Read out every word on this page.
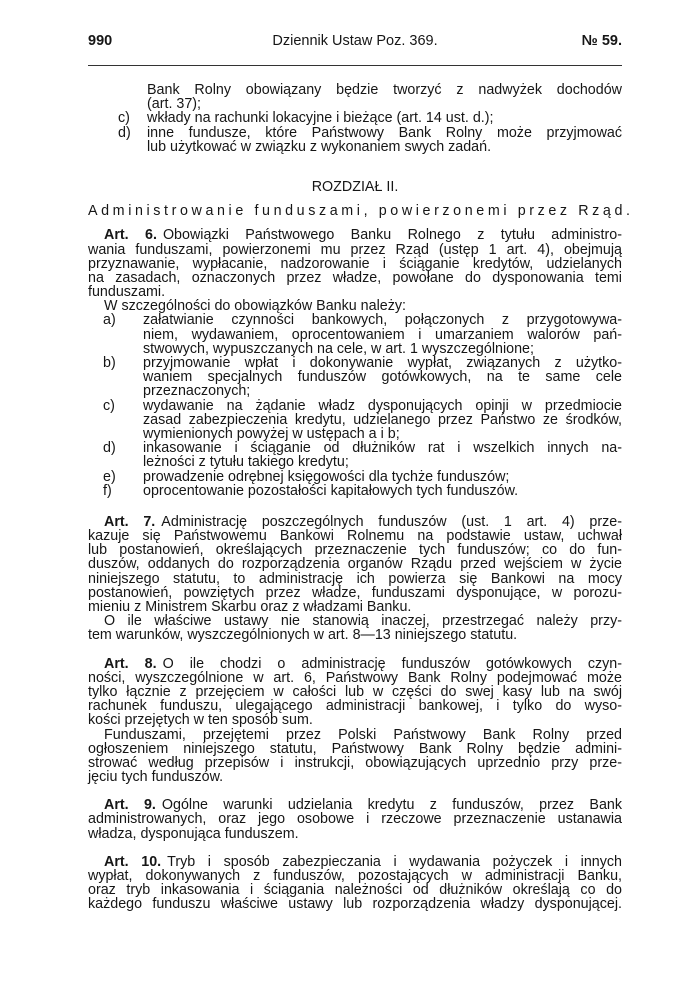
990	Dziennik Ustaw Poz. 369.	№ 59.
Bank Rolny obowiązany będzie tworzyć z nadwyżek dochodów
(art. 37);
c) wkłady na rachunki lokacyjne i bieżące (art. 14 ust. d.);
d) inne fundusze, które Państwowy Bank Rolny może przyjmować
lub użytkować w związku z wykonaniem swych zadań.
ROZDZIAŁ II.
Administrowanie funduszami, powierzonemi przez Rząd.
Art. 6. Obowiązki Państwowego Banku Rolnego z tytułu administro-
wania funduszami, powierzonemi mu przez Rząd (ustęp 1 art. 4), obejmują
przyznawanie, wypłacanie, nadzorowanie i ściąganie kredytów, udzielanych
na zasadach, oznaczonych przez władze, powołane do dysponowania temi
funduszami.
W szczególności do obowiązków Banku należy:
a) załatwianie czynności bankowych, połączonych z przygotowywa-
niem, wydawaniem, oprocentowaniem i umarzaniem walorów pań-
stwowych, wypuszczanych na cele, w art. 1 wyszczególnione;
b) przyjmowanie wpłat i dokonywanie wypłat, związanych z użytko-
waniem specjalnych funduszów gotówkowych, na te same cele
przeznaczonych;
c) wydawanie na żądanie władz dysponujących opinji w przedmiocie
zasad zabezpieczenia kredytu, udzielanego przez Państwo ze środków,
wymienionych powyżej w ustępach a i b;
d) inkasowanie i ściąganie od dłużników rat i wszelkich innych na-
leżności z tytułu takiego kredytu;
e) prowadzenie odrębnej księgowości dla tychże funduszów;
f) oprocentowanie pozostałości kapitałowych tych funduszów.
Art. 7. Administrację poszczególnych funduszów (ust. 1 art. 4) prze-
kazuje się Państwowemu Bankowi Rolnemu na podstawie ustaw, uchwał
lub postanowień, określających przeznaczenie tych funduszów; co do fun-
duszów, oddanych do rozporządzenia organów Rządu przed wejściem w życie
niniejszego statutu, to administrację ich powierza się Bankowi na mocy
postanowień, powziętych przez władze, funduszami dysponujące, w porozu-
mieniu z Ministrem Skarbu oraz z władzami Banku.
O ile właściwe ustawy nie stanowią inaczej, przestrzegać należy przy-
tem warunków, wyszczególnionych w art. 8—13 niniejszego statutu.
Art. 8. O ile chodzi o administrację funduszów gotówkowych czyn-
ności, wyszczególnione w art. 6, Państwowy Bank Rolny podejmować może
tylko łącznie z przejęciem w całości lub w części do swej kasy lub na swój
rachunek funduszu, ulegającego administracji bankowej, i tylko do wyso-
kości przejętych w ten sposób sum.
Funduszami, przejętemi przez Polski Państwowy Bank Rolny przed
ogłoszeniem niniejszego statutu, Państwowy Bank Rolny będzie admini-
strować według przepisów i instrukcji, obowiązujących uprzednio przy prze-
jęciu tych funduszów.
Art. 9. Ogólne warunki udzielania kredytu z funduszów, przez Bank
administrowanych, oraz jego osobowe i rzeczowe przeznaczenie ustanawia
władza, dysponująca funduszem.
Art. 10. Tryb i sposób zabezpieczania i wydawania pożyczek i innych
wypłat, dokonywanych z funduszów, pozostających w administracji Banku,
oraz tryb inkasowania i ściągania należności od dłużników określają co do
każdego funduszu właściwe ustawy lub rozporządzenia władzy dysponującej.
